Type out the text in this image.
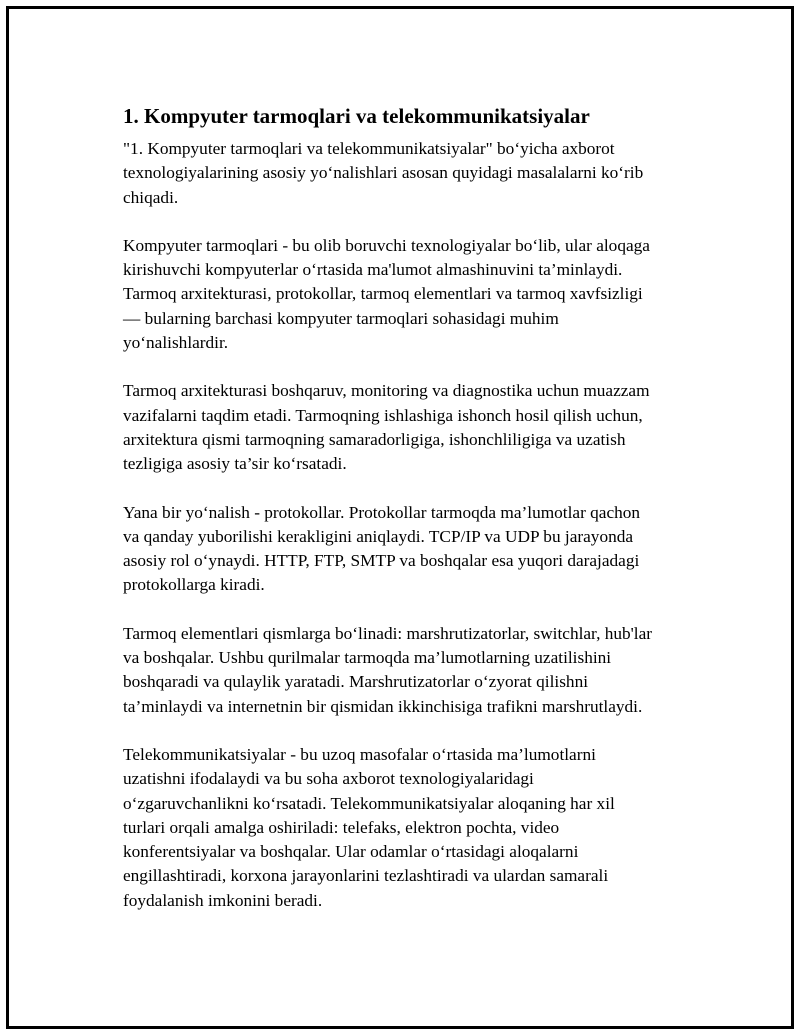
1. Kompyuter tarmoqlari va telekommunikatsiyalar

"1. Kompyuter tarmoqlari va telekommunikatsiyalar" bo‘yicha axborot
texnologiyalarining asosiy yo‘nalishlari asosan quyidagi masalalarni ko‘rib
chiqadi.

Kompyuter tarmoqlari - bu olib boruvchi texnologiyalar bo‘lib, ular aloqaga
kirishuvchi kompyuterlar o‘rtasida ma'lumot almashinuvini ta’minlaydi.
Tarmoq arxitekturasi, protokollar, tarmoq elementlari va tarmoq xavfsizligi
— bularning barchasi kompyuter tarmoqlari sohasidagi muhim
yo‘nalishlardir.

Tarmoq arxitekturasi boshqaruv, monitoring va diagnostika uchun muazzam
vazifalarni taqdim etadi. Tarmoqning ishlashiga ishonch hosil qilish uchun,
arxitektura qismi tarmoqning samaradorligiga, ishonchliligiga va uzatish
tezligiga asosiy ta’sir ko‘rsatadi.

Yana bir yo‘nalish - protokollar. Protokollar tarmoqda ma’lumotlar qachon
va qanday yuborilishi kerakligini aniqlaydi. TCP/IP va UDP bu jarayonda
asosiy rol o‘ynaydi. HTTP, FTP, SMTP va boshqalar esa yuqori darajadagi
protokollarga kiradi.

Tarmoq elementlari qismlarga bo‘linadi: marshrutizatorlar, switchlar, hub'lar
va boshqalar. Ushbu qurilmalar tarmoqda ma’lumotlarning uzatilishini
boshqaradi va qulaylik yaratadi. Marshrutizatorlar o‘zyorat qilishni
ta’minlaydi va internetnin bir qismidan ikkinchisiga trafikni marshrutlaydi.

Telekommunikatsiyalar - bu uzoq masofalar o‘rtasida ma’lumotlarni
uzatishni ifodalaydi va bu soha axborot texnologiyalaridagi
o‘zgaruvchanlikni ko‘rsatadi. Telekommunikatsiyalar aloqaning har xil
turlari orqali amalga oshiriladi: telefaks, elektron pochta, video
konferentsiyalar va boshqalar. Ular odamlar o‘rtasidagi aloqalarni
engillashtiradi, korxona jarayonlarini tezlashtiradi va ulardan samarali
foydalanish imkonini beradi.
